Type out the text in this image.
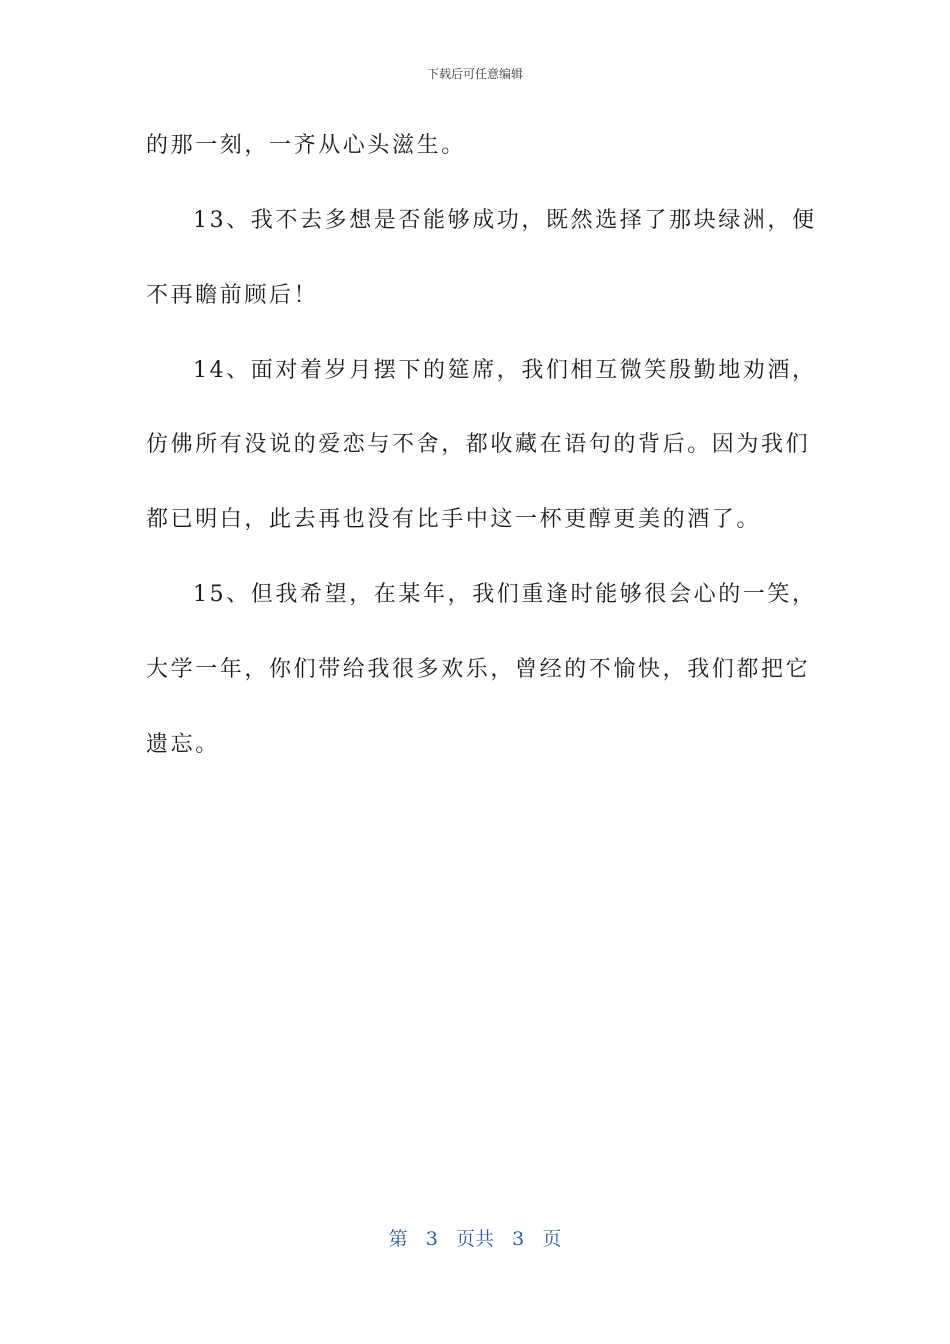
下载后可任意编辑
的那一刻，一齐从心头滋生。
13、我不去多想是否能够成功，既然选择了那块绿洲，便
不再瞻前顾后！
14、面对着岁月摆下的筵席，我们相互微笑殷勤地劝酒，
仿佛所有没说的爱恋与不舍，都收藏在语句的背后。因为我们
都已明白，此去再也没有比手中这一杯更醇更美的酒了。
15、但我希望，在某年，我们重逢时能够很会心的一笑，
大学一年，你们带给我很多欢乐，曾经的不愉快，我们都把它
遗忘。
第 3 页共 3 页
